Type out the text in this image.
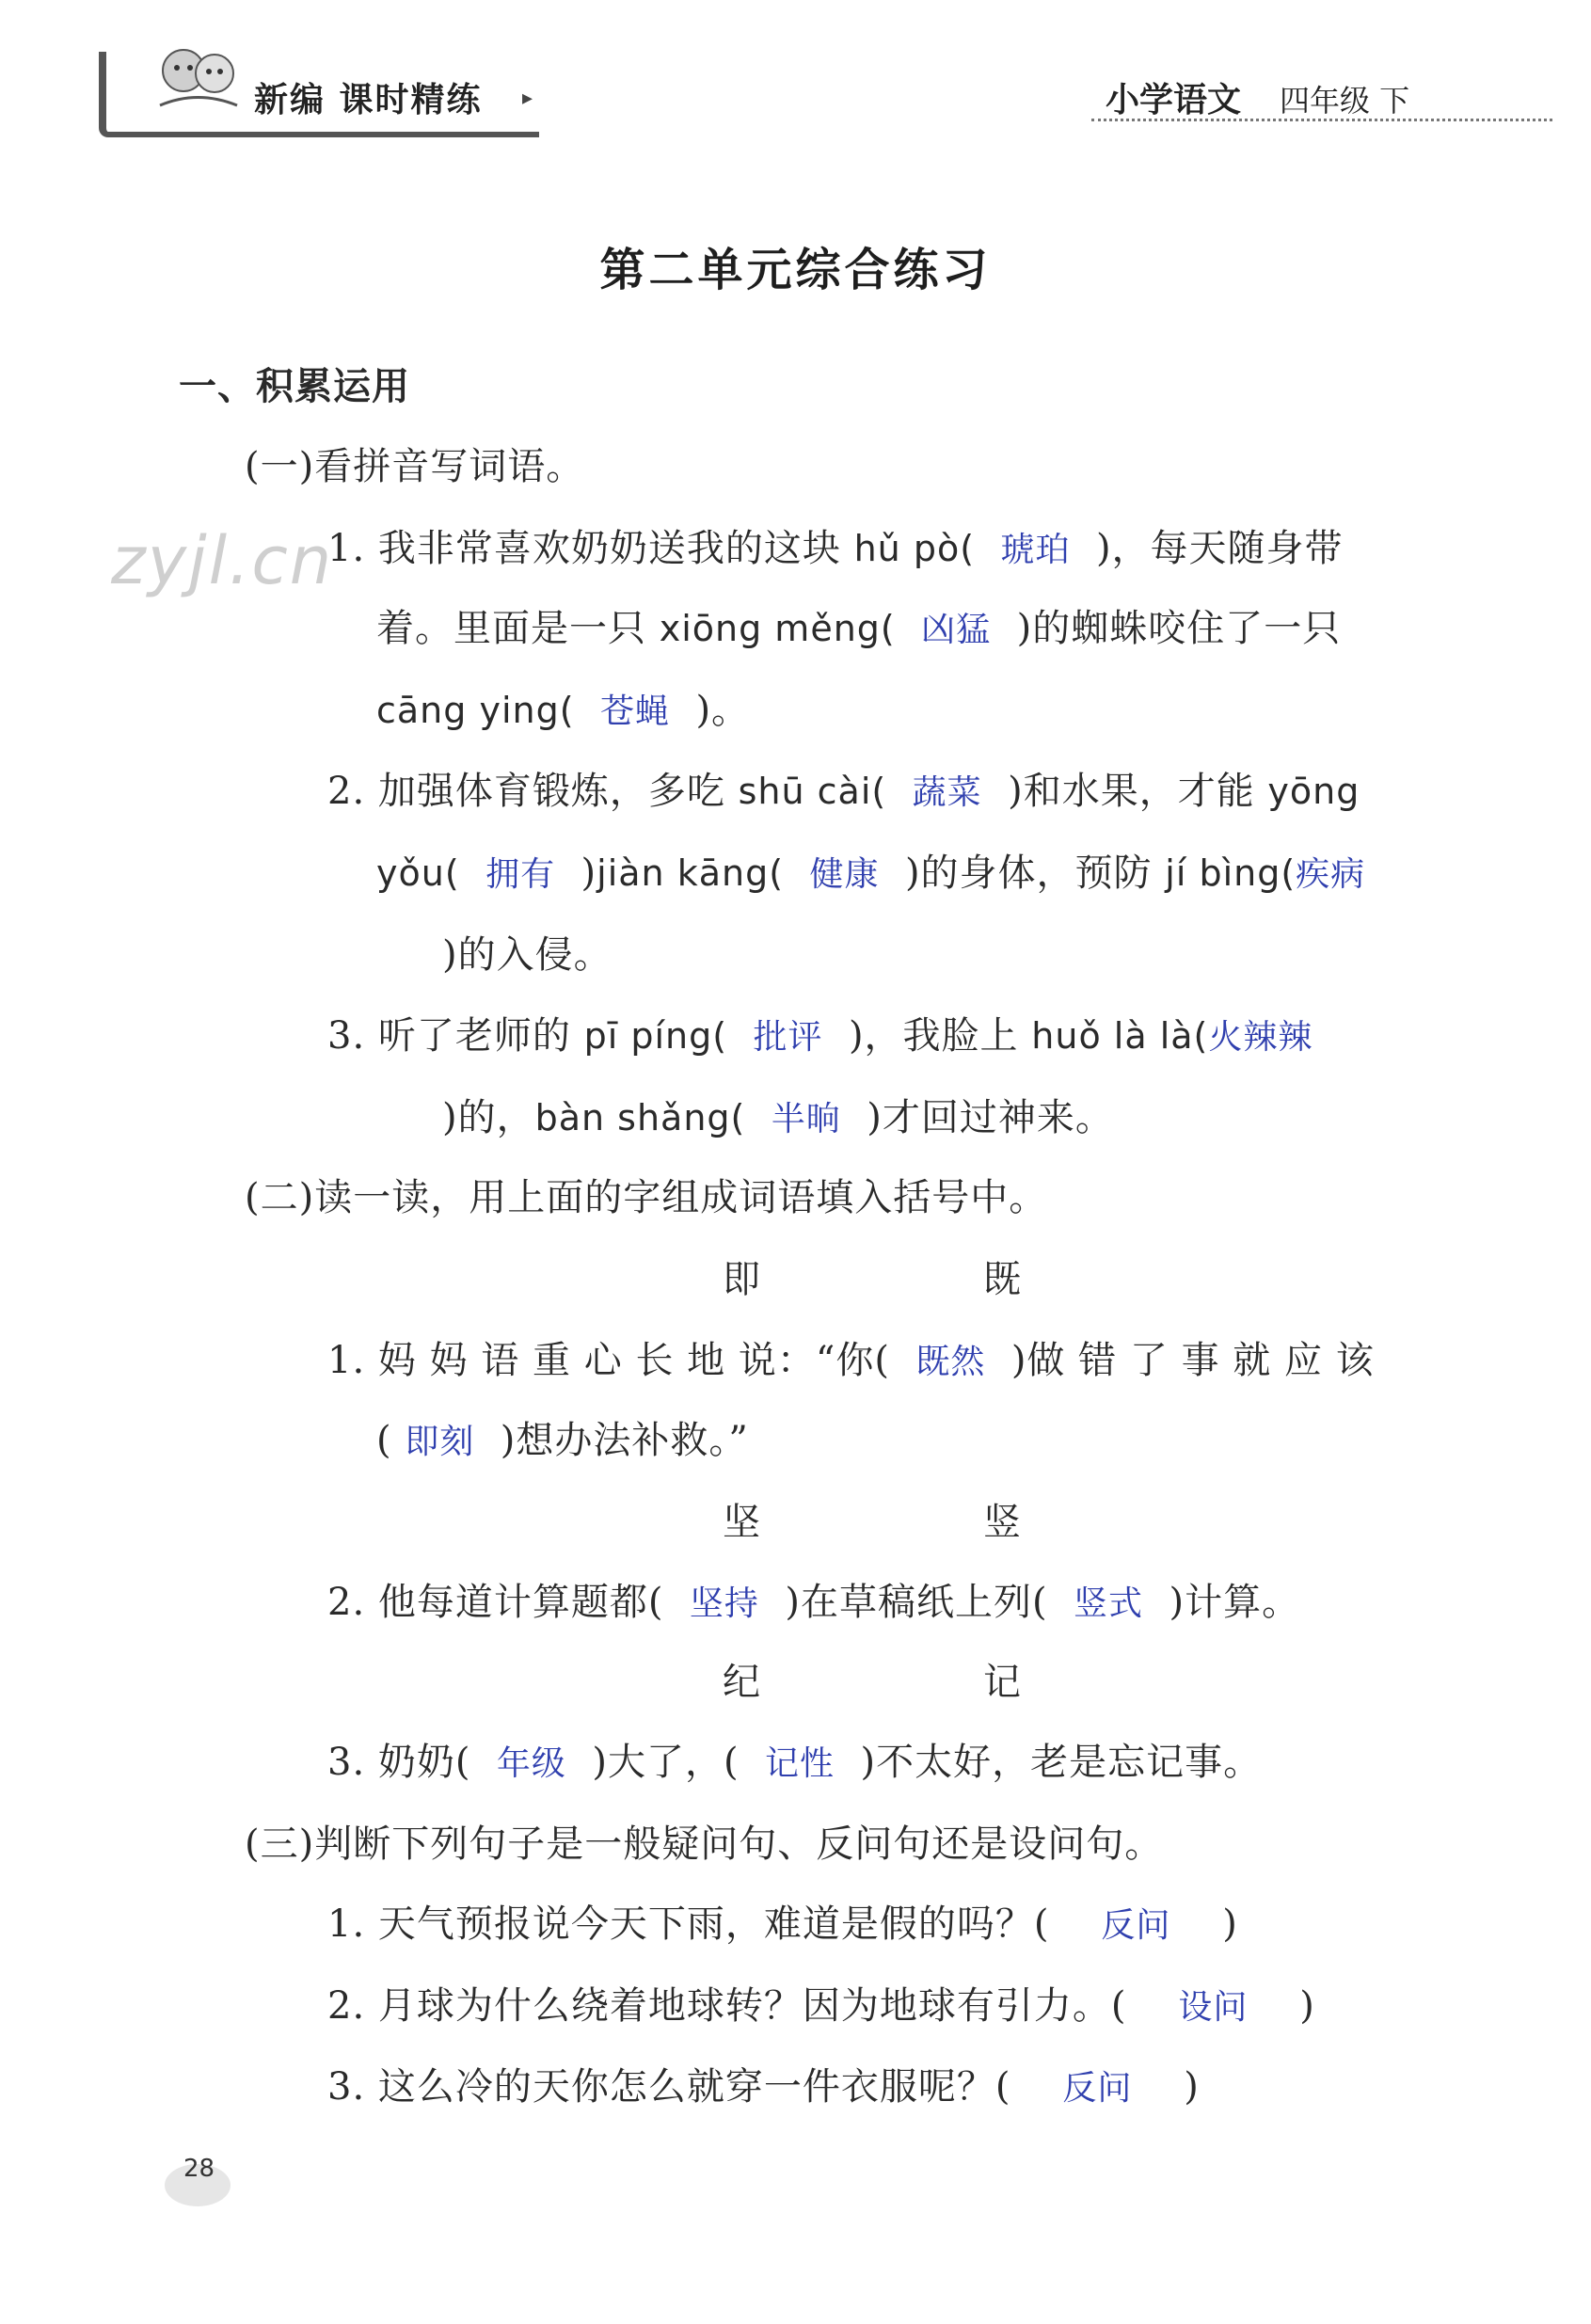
新编 课时精练 ▸	小学语文 四年级 下
第二单元综合练习
zyjl.cn
一、积累运用
(一)看拼音写词语。
1. 我非常喜欢奶奶送我的这块 hǔ pò( 琥珀 )，每天随身带
着。里面是一只 xiōng měng( 凶猛 )的蜘蛛咬住了一只
cāng ying( 苍蝇 )。
2. 加强体育锻炼，多吃 shū cài( 蔬菜 )和水果，才能 yōng
yǒu( 拥有 )jiàn kāng( 健康 )的身体，预防 jí bìng(疾病
)的入侵。
3. 听了老师的 pī píng( 批评 )，我脸上 huǒ là là(火辣辣
)的，bàn shǎng( 半晌 )才回过神来。
(二)读一读，用上面的字组成词语填入括号中。
即	既
1. 妈 妈 语 重 心 长 地 说：“你( 既然 )做 错 了 事 就 应 该
( 即刻 )想办法补救。”
坚	竖
2. 他每道计算题都( 坚持 )在草稿纸上列( 竖式 )计算。
纪	记
3. 奶奶( 年级 )大了，( 记性 )不太好，老是忘记事。
(三)判断下列句子是一般疑问句、反问句还是设问句。
1. 天气预报说今天下雨，难道是假的吗？( 反问 )
2. 月球为什么绕着地球转？因为地球有引力。( 设问 )
3. 这么冷的天你怎么就穿一件衣服呢？( 反问 )
28
